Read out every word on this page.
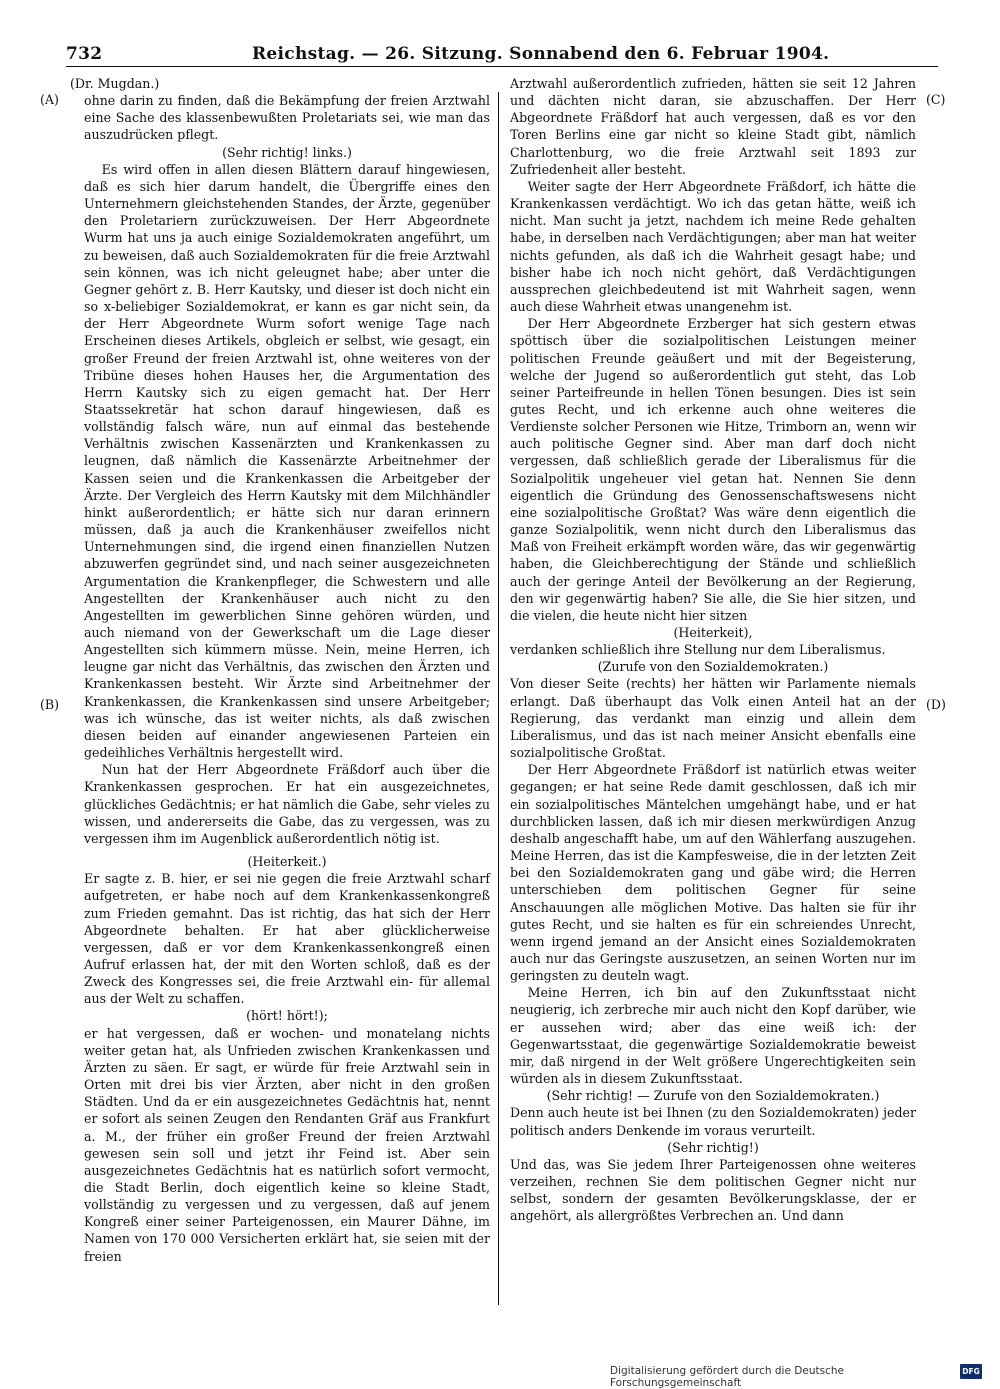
732	Reichstag. — 26. Sitzung. Sonnabend den 6. Februar 1904.
(A)
(B)
(C)
(D)

(Dr. Mugdan.)

ohne darin zu finden, daß die Bekämpfung der freien Arztwahl eine Sache des klassenbewußten Proletariats sei, wie man das auszudrücken pflegt.

(Sehr richtig! links.)

Es wird offen in allen diesen Blättern darauf hingewiesen, daß es sich hier darum handelt, die Übergriffe eines den Unternehmern gleichstehenden Standes, der Ärzte, gegenüber den Proletariern zurückzuweisen. Der Herr Abgeordnete Wurm hat uns ja auch einige Sozialdemokraten angeführt, um zu beweisen, daß auch Sozialdemokraten für die freie Arztwahl sein können, was ich nicht geleugnet habe; aber unter die Gegner gehört z. B. Herr Kautsky, und dieser ist doch nicht ein so x-beliebiger Sozialdemokrat, er kann es gar nicht sein, da der Herr Abgeordnete Wurm sofort wenige Tage nach Erscheinen dieses Artikels, obgleich er selbst, wie gesagt, ein großer Freund der freien Arztwahl ist, ohne weiteres von der Tribüne dieses hohen Hauses her, die Argumentation des Herrn Kautsky sich zu eigen gemacht hat. Der Herr Staatssekretär hat schon darauf hingewiesen, daß es vollständig falsch wäre, nun auf einmal das bestehende Verhältnis zwischen Kassenärzten und Krankenkassen zu leugnen, daß nämlich die Kassenärzte Arbeitnehmer der Kassen seien und die Krankenkassen die Arbeitgeber der Ärzte. Der Vergleich des Herrn Kautsky mit dem Milchhändler hinkt außerordentlich; er hätte sich nur daran erinnern müssen, daß ja auch die Krankenhäuser zweifellos nicht Unternehmungen sind, die irgend einen finanziellen Nutzen abzuwerfen gegründet sind, und nach seiner ausgezeichneten Argumentation die Krankenpfleger, die Schwestern und alle Angestellten der Krankenhäuser auch nicht zu den Angestellten im gewerblichen Sinne gehören würden, und auch niemand von der Gewerkschaft um die Lage dieser Angestellten sich kümmern müsse. Nein, meine Herren, ich leugne gar nicht das Verhältnis, das zwischen den Ärzten und Krankenkassen besteht. Wir Ärzte sind Arbeitnehmer der Krankenkassen, die Krankenkassen sind unsere Arbeitgeber; was ich wünsche, das ist weiter nichts, als daß zwischen diesen beiden auf einander angewiesenen Parteien ein gedeihliches Verhältnis hergestellt wird.

Nun hat der Herr Abgeordnete Fräßdorf auch über die Krankenkassen gesprochen. Er hat ein ausgezeichnetes, glückliches Gedächtnis; er hat nämlich die Gabe, sehr vieles zu wissen, und andererseits die Gabe, das zu vergessen, was zu vergessen ihm im Augenblick außerordentlich nötig ist.

(Heiterkeit.)

Er sagte z. B. hier, er sei nie gegen die freie Arztwahl scharf aufgetreten, er habe noch auf dem Krankenkassenkongreß zum Frieden gemahnt. Das ist richtig, das hat sich der Herr Abgeordnete behalten. Er hat aber glücklicherweise vergessen, daß er vor dem Krankenkassenkongreß einen Aufruf erlassen hat, der mit den Worten schloß, daß es der Zweck des Kongresses sei, die freie Arztwahl ein- für allemal aus der Welt zu schaffen.

(hört! hört!);

er hat vergessen, daß er wochen- und monatelang nichts weiter getan hat, als Unfrieden zwischen Krankenkassen und Ärzten zu säen. Er sagt, er würde für freie Arztwahl sein in Orten mit drei bis vier Ärzten, aber nicht in den großen Städten. Und da er ein ausgezeichnetes Gedächtnis hat, nennt er sofort als seinen Zeugen den Rendanten Gräf aus Frankfurt a. M., der früher ein großer Freund der freien Arztwahl gewesen sein soll und jetzt ihr Feind ist. Aber sein ausgezeichnetes Gedächtnis hat es natürlich sofort vermocht, die Stadt Berlin, doch eigentlich keine so kleine Stadt, vollständig zu vergessen und zu vergessen, daß auf jenem Kongreß einer seiner Parteigenossen, ein Maurer Dähne, im Namen von 170 000 Versicherten erklärt hat, sie seien mit der freien

Arztwahl außerordentlich zufrieden, hätten sie seit 12 Jahren und dächten nicht daran, sie abzuschaffen. Der Herr Abgeordnete Fräßdorf hat auch vergessen, daß es vor den Toren Berlins eine gar nicht so kleine Stadt gibt, nämlich Charlottenburg, wo die freie Arztwahl seit 1893 zur Zufriedenheit aller besteht.

Weiter sagte der Herr Abgeordnete Fräßdorf, ich hätte die Krankenkassen verdächtigt. Wo ich das getan hätte, weiß ich nicht. Man sucht ja jetzt, nachdem ich meine Rede gehalten habe, in derselben nach Verdächtigungen; aber man hat weiter nichts gefunden, als daß ich die Wahrheit gesagt habe; und bisher habe ich noch nicht gehört, daß Verdächtigungen aussprechen gleichbedeutend ist mit Wahrheit sagen, wenn auch diese Wahrheit etwas unangenehm ist.

Der Herr Abgeordnete Erzberger hat sich gestern etwas spöttisch über die sozialpolitischen Leistungen meiner politischen Freunde geäußert und mit der Begeisterung, welche der Jugend so außerordentlich gut steht, das Lob seiner Parteifreunde in hellen Tönen besungen. Dies ist sein gutes Recht, und ich erkenne auch ohne weiteres die Verdienste solcher Personen wie Hitze, Trimborn an, wenn wir auch politische Gegner sind. Aber man darf doch nicht vergessen, daß schließlich gerade der Liberalismus für die Sozialpolitik ungeheuer viel getan hat. Nennen Sie denn eigentlich die Gründung des Genossenschaftswesens nicht eine sozialpolitische Großtat? Was wäre denn eigentlich die ganze Sozialpolitik, wenn nicht durch den Liberalismus das Maß von Freiheit erkämpft worden wäre, das wir gegenwärtig haben, die Gleichberechtigung der Stände und schließlich auch der geringe Anteil der Bevölkerung an der Regierung, den wir gegenwärtig haben? Sie alle, die Sie hier sitzen, und die vielen, die heute nicht hier sitzen

(Heiterkeit),

verdanken schließlich ihre Stellung nur dem Liberalismus.

(Zurufe von den Sozialdemokraten.)

Von dieser Seite (rechts) her hätten wir Parlamente niemals erlangt. Daß überhaupt das Volk einen Anteil hat an der Regierung, das verdankt man einzig und allein dem Liberalismus, und das ist nach meiner Ansicht ebenfalls eine sozialpolitische Großtat.

Der Herr Abgeordnete Fräßdorf ist natürlich etwas weiter gegangen; er hat seine Rede damit geschlossen, daß ich mir ein sozialpolitisches Mäntelchen umgehängt habe, und er hat durchblicken lassen, daß ich mir diesen merkwürdigen Anzug deshalb angeschafft habe, um auf den Wählerfang auszugehen. Meine Herren, das ist die Kampfesweise, die in der letzten Zeit bei den Sozialdemokraten gang und gäbe wird; die Herren unterschieben dem politischen Gegner für seine Anschauungen alle möglichen Motive. Das halten sie für ihr gutes Recht, und sie halten es für ein schreiendes Unrecht, wenn irgend jemand an der Ansicht eines Sozialdemokraten auch nur das Geringste auszusetzen, an seinen Worten nur im geringsten zu deuteln wagt.

Meine Herren, ich bin auf den Zukunftsstaat nicht neugierig, ich zerbreche mir auch nicht den Kopf darüber, wie er aussehen wird; aber das eine weiß ich: der Gegenwartsstaat, die gegenwärtige Sozialdemokratie beweist mir, daß nirgend in der Welt größere Ungerechtigkeiten sein würden als in diesem Zukunftsstaat.

(Sehr richtig! — Zurufe von den Sozialdemokraten.)

Denn auch heute ist bei Ihnen (zu den Sozialdemokraten) jeder politisch anders Denkende im voraus verurteilt.

(Sehr richtig!)

Und das, was Sie jedem Ihrer Parteigenossen ohne weiteres verzeihen, rechnen Sie dem politischen Gegner nicht nur selbst, sondern der gesamten Bevölkerungsklasse, der er angehört, als allergrößtes Verbrechen an. Und dann

Digitalisierung gefördert durch die Deutsche Forschungsgemeinschaft
DFG
